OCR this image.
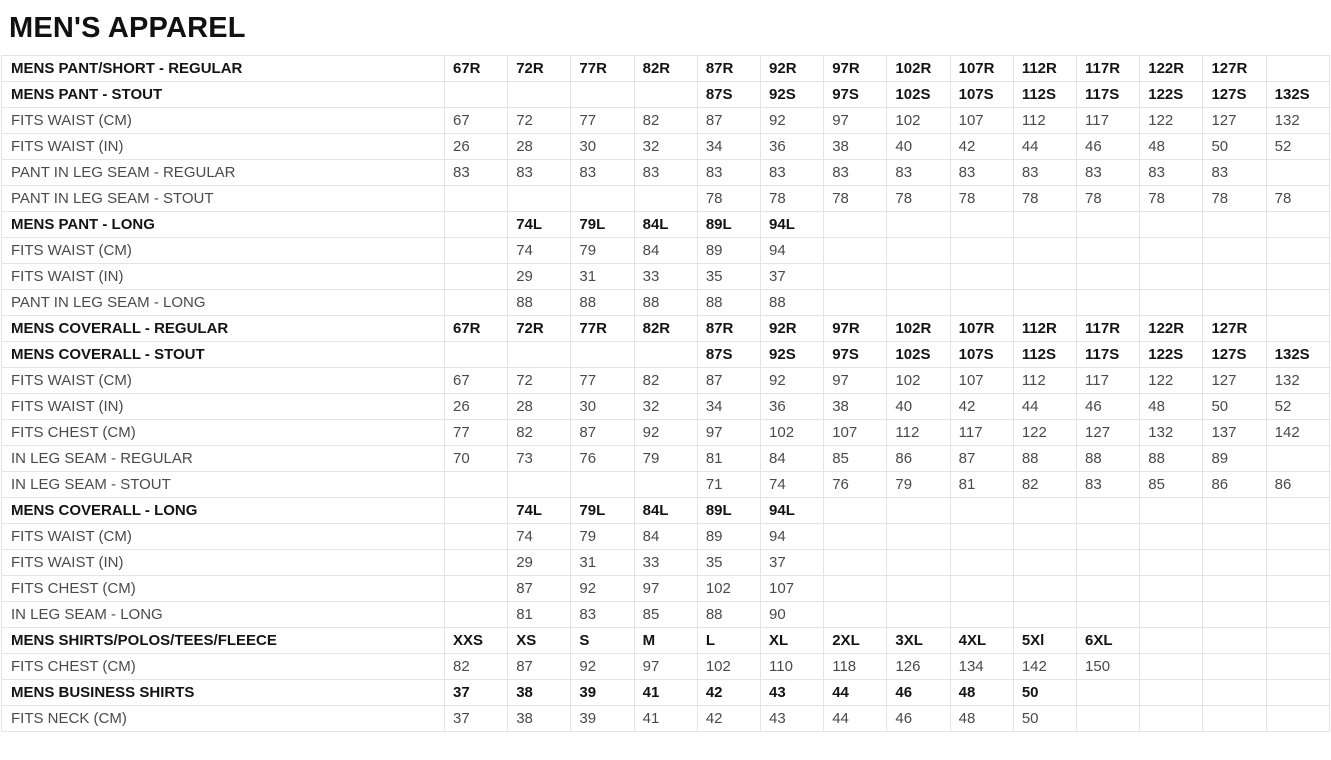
MEN'S APPAREL
MENS PANT/SHORT - REGULAR	67R	72R	77R	82R	87R	92R	97R	102R	107R	112R	117R	122R	127R	
MENS PANT - STOUT					87S	92S	97S	102S	107S	112S	117S	122S	127S	132S
FITS WAIST (CM)	67	72	77	82	87	92	97	102	107	112	117	122	127	132
FITS WAIST (IN)	26	28	30	32	34	36	38	40	42	44	46	48	50	52
PANT IN LEG SEAM - REGULAR	83	83	83	83	83	83	83	83	83	83	83	83	83	
PANT IN LEG SEAM - STOUT					78	78	78	78	78	78	78	78	78	78
MENS PANT - LONG		74L	79L	84L	89L	94L								
FITS WAIST (CM)		74	79	84	89	94								
FITS WAIST (IN)		29	31	33	35	37								
PANT IN LEG SEAM - LONG		88	88	88	88	88								
MENS COVERALL - REGULAR	67R	72R	77R	82R	87R	92R	97R	102R	107R	112R	117R	122R	127R	
MENS COVERALL - STOUT					87S	92S	97S	102S	107S	112S	117S	122S	127S	132S
FITS WAIST (CM)	67	72	77	82	87	92	97	102	107	112	117	122	127	132
FITS WAIST (IN)	26	28	30	32	34	36	38	40	42	44	46	48	50	52
FITS CHEST (CM)	77	82	87	92	97	102	107	112	117	122	127	132	137	142
IN LEG SEAM - REGULAR	70	73	76	79	81	84	85	86	87	88	88	88	89	
IN LEG SEAM - STOUT					71	74	76	79	81	82	83	85	86	86
MENS COVERALL - LONG		74L	79L	84L	89L	94L								
FITS WAIST (CM)		74	79	84	89	94								
FITS WAIST (IN)		29	31	33	35	37								
FITS CHEST (CM)		87	92	97	102	107								
IN LEG SEAM - LONG		81	83	85	88	90								
MENS SHIRTS/POLOS/TEES/FLEECE	XXS	XS	S	M	L	XL	2XL	3XL	4XL	5Xl	6XL			
FITS CHEST (CM)	82	87	92	97	102	110	118	126	134	142	150			
MENS BUSINESS SHIRTS	37	38	39	41	42	43	44	46	48	50				
FITS NECK (CM)	37	38	39	41	42	43	44	46	48	50				
